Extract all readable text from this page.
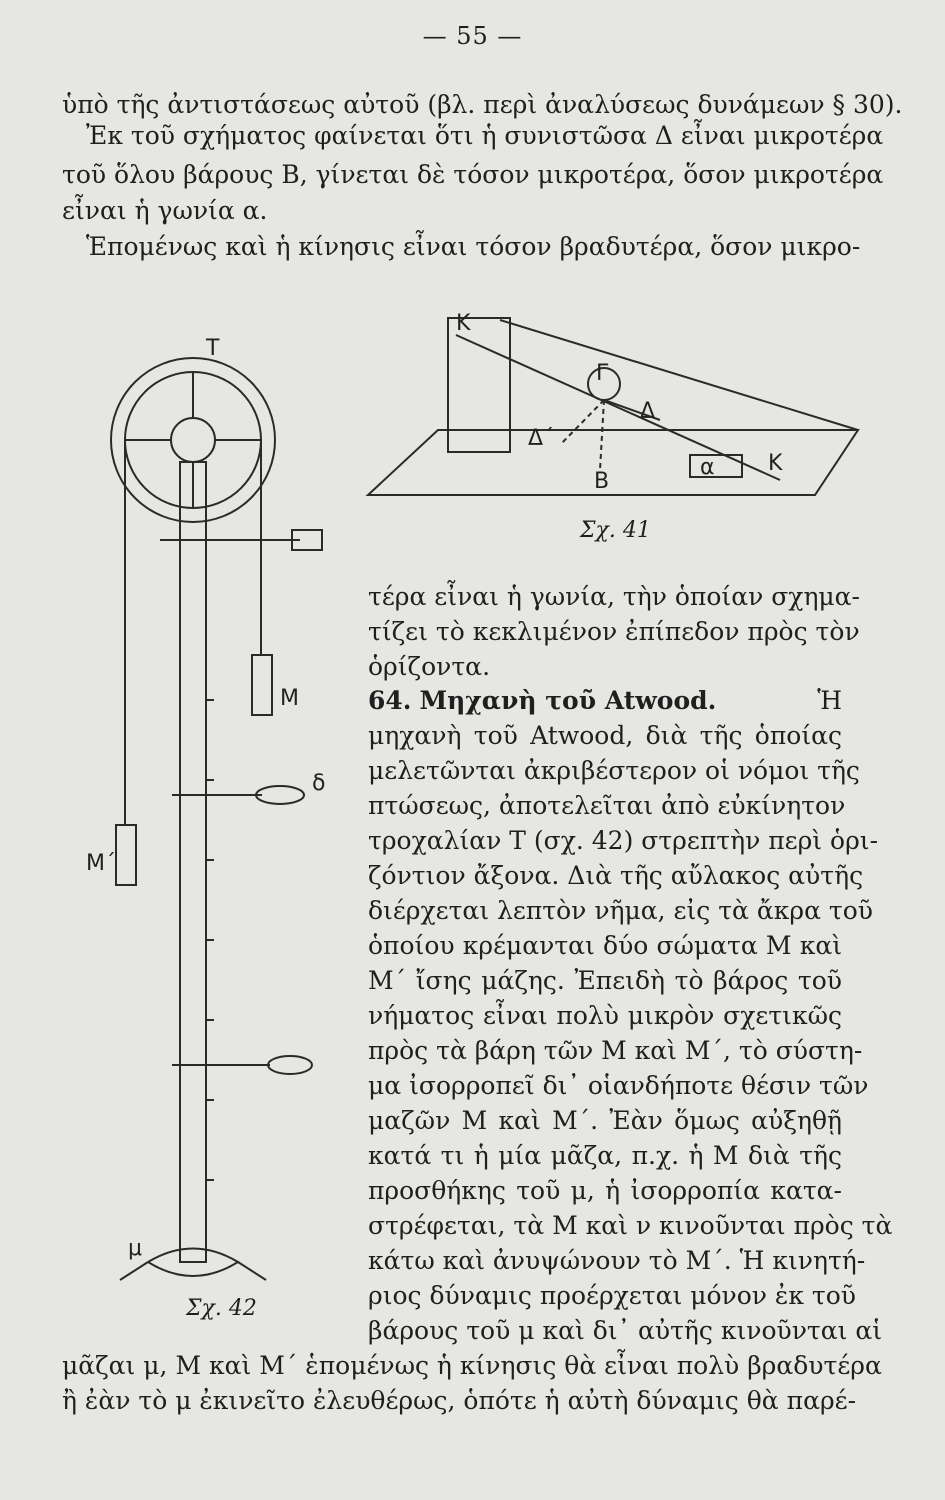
— 55 —
ὑπὸ τῆς ἀντιστάσεως αὐτοῦ (βλ. περὶ ἀναλύσεως δυνάμεων § 30).
Ἐκ τοῦ σχήματος φαίνεται ὅτι ἡ συνιστῶσα Δ εἶναι μικροτέρα
τοῦ ὅλου βάρους Β, γίνεται δὲ τόσον μικροτέρα, ὅσον μικροτέρα
εἶναι ἡ γωνία α.
Ἑπομένως καὶ ἡ κίνησις εἶναι τόσον βραδυτέρα, ὅσον μικρο-
K
K
α
B
Γ
Δ
Δ΄
Σχ. 41
T
M
M΄
δ
μ
Σχ. 42
τέρα εἶναι ἡ γωνία, τὴν ὁποίαν σχημα-
τίζει τὸ κεκλιμένον ἐπίπεδον πρὸς τὸν
ὁρίζοντα.
64. Μηχανὴ τοῦ Atwood.	Ἡ
μηχανὴ τοῦ Atwood, διὰ τῆς ὁποίας
μελετῶνται ἀκριβέστερον οἱ νόμοι τῆς
πτώσεως, ἀποτελεῖται ἀπὸ εὐκίνητον
τροχαλίαν Τ (σχ. 42) στρεπτὴν περὶ ὁρι-
ζόντιον ἄξονα. Διὰ τῆς αὔλακος αὐτῆς
διέρχεται λεπτὸν νῆμα, εἰς τὰ ἄκρα τοῦ
ὁποίου κρέμανται δύο σώματα Μ καὶ
Μ΄ ἴσης μάζης. Ἐπειδὴ τὸ βάρος τοῦ
νήματος εἶναι πολὺ μικρὸν σχετικῶς
πρὸς τὰ βάρη τῶν Μ καὶ Μ΄, τὸ σύστη-
μα ἰσορροπεῖ δι᾿ οἱανδήποτε θέσιν τῶν
μαζῶν Μ καὶ Μ΄. Ἐὰν ὅμως αὐξηθῇ
κατά τι ἡ μία μᾶζα, π.χ. ἡ Μ διὰ τῆς
προσθήκης τοῦ μ, ἡ ἰσορροπία κατα-
στρέφεται, τὰ Μ καὶ ν κινοῦνται πρὸς τὰ
κάτω καὶ ἀνυψώνουν τὸ Μ΄. Ἡ κινητή-
ριος δύναμις προέρχεται μόνον ἐκ τοῦ
βάρους τοῦ μ καὶ δι᾿ αὐτῆς κινοῦνται αἱ
μᾶζαι μ, Μ καὶ Μ΄ ἑπομένως ἡ κίνησις θὰ εἶναι πολὺ βραδυτέρα
ἢ ἐὰν τὸ μ ἐκινεῖτο ἐλευθέρως, ὁπότε ἡ αὐτὴ δύναμις θὰ παρέ-
